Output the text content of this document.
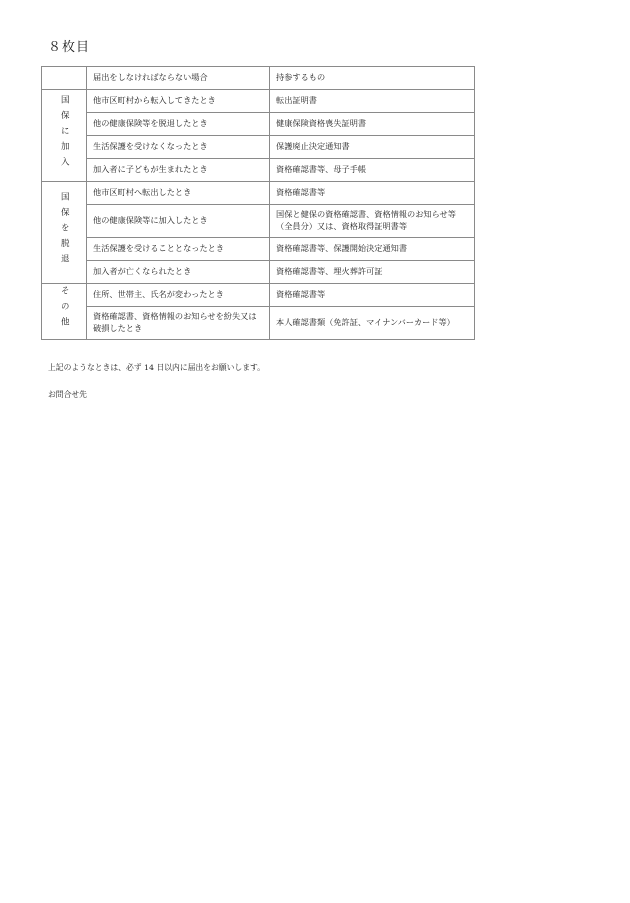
８枚目
	届出をしなければならない場合	持参するもの
国保に加入	他市区町村から転入してきたとき	転出証明書
	他の健康保険等を脱退したとき	健康保険資格喪失証明書
	生活保護を受けなくなったとき	保護廃止決定通知書
	加入者に子どもが生まれたとき	資格確認書等、母子手帳
国保を脱退	他市区町村へ転出したとき	資格確認書等
	他の健康保険等に加入したとき	国保と健保の資格確認書、資格情報のお知らせ等（全員分）又は、資格取得証明書等
	生活保護を受けることとなったとき	資格確認書等、保護開始決定通知書
	加入者が亡くなられたとき	資格確認書等、埋火葬許可証
その他	住所、世帯主、氏名が変わったとき	資格確認書等
	資格確認書、資格情報のお知らせを紛失又は破損したとき	本人確認書類（免許証、マイナンバーカード等）
上記のようなときは、必ず 14 日以内に届出をお願いします。
お問合せ先
